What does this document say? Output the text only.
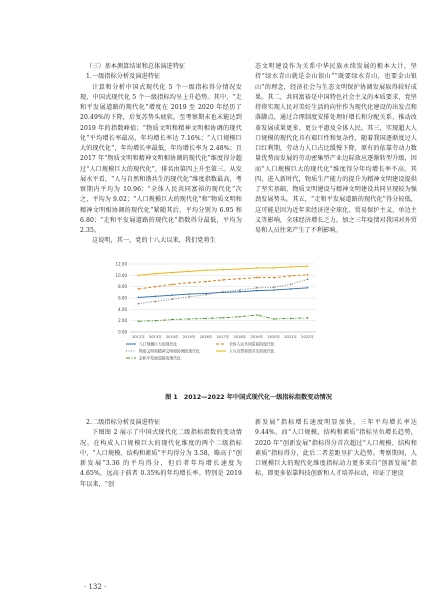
（三）基本测算结果和总体演进特征

1.一级指标分析及演进特征

计算和分析中国式现代化 5 个一级指标得分情况发现，中国式现代化 5 个一级指标均呈上升趋势。其中，“走和平发展道路的现代化”增度在 2019 至 2020 年经历了 20.49%的下降，后复苏势头疲软，至考察期末也未能达到 2019 年的指数峰值；“物质文明和精神文明相协调的现代化”平均增长率最高，年均增长率达 7.16%；“人口规模巨大的现代化”，年均增长率最低，年均增长率为 2.48%；且 2017 年“物质文明和精神文明相协调的现代化”维度得分超过“人口规模巨大的现代化”，排名由第四上升至第三。从发展水平看，“人与自然和谐共生的现代化”维度指数最高，考察期内平均为 10.96；“全体人民共同富裕的现代化”次之，平均为 9.02；“人口规模巨大的现代化”和“物质文明和精神文明相协调的现代化”紧随其后，平均分别为 6.95 和 6.80；“走和平发展道路的现代化”指数得分最低，平均为 2.35。

这说明，其一，党的十八大以来，我们党将生

态文明建设作为关系中华民族永续发展的根本大计，坚持“绿水青山就是金山银山”“既要绿水青山，也要金山银山”的理念，经济社会与生态文明保护协调发展取得较好成果。其二，共同富裕是中国特色社会主义的本质要求，党坚持将实现人民对美好生活的向往作为现代化建设的出发点和落脚点，通过合理制度安排处理好增长和分配关系，推动改革发展成果更多、更公平惠及全体人民。其三，实现超大人口规模的现代化具有艰巨性和复杂性，随着我国逐渐度过人口红利期，劳动力人口占比缓慢下降，原有的依靠劳动力数量优势而发展的劳动密集型产业边际效应逐渐转型升级，因而“人口规模巨大的现代化”维度得分年均增长率不高。其四，进入新时代，物质生产能力的提升为精神文明建设提供了坚实基础，物质文明建设与精神文明建设共同呈现较为强劲发展势头。其五，“走和平发展道路的现代化”得分较低，这可能是因为近年来经济逆全球化、贸易保护主义、单边主义等影响，全球经济增长乏力，加之三年疫情对我国对外贸易和人员往来产生了不利影响。

0.00
2.00
4.00
6.00
8.00
10.00
12.00
2012年 2013年 2014年 2015年 2016年 2017年 2018年 2019年 2020年 2021年 2022年
人口规模巨大的现代化	全体人民共同富裕的现代化
物质文明和精神文明相协调的现代化	人与自然和谐共生的现代化
走和平发展道路的现代化
图 1　2012—2022 年中国式现代化一级指标指数变动情况

2.二级指标分析及演进特征

下图图 2 展示了中国式现代化二级指标指数的变动情况。在构成人口规模巨大的现代化维度的两个二级指标中，“人口规模、结构和素质”平均得分为 3.58，略高于“创新发展”3.36 的平均得分，但后者年均增长速度为 4.65%，远高于前者 0.35%的年均增长率。特别是 2019 年以来，“创

新发展”指标增长速度明显加快，三年平均增长率达 9.44%，而“人口规模、结构和素质”指标呈负增长趋势，2020 年“创新发展”指标得分首次超过“人口规模、结构和素质”指标得分，此后二者差距呈扩大趋势。考察期间，人口规模巨大的现代化维度指标动力更多来自“创新发展”指标，即更多依靠科技创新和人才培养拉动，印证了建设

· 132 ·
